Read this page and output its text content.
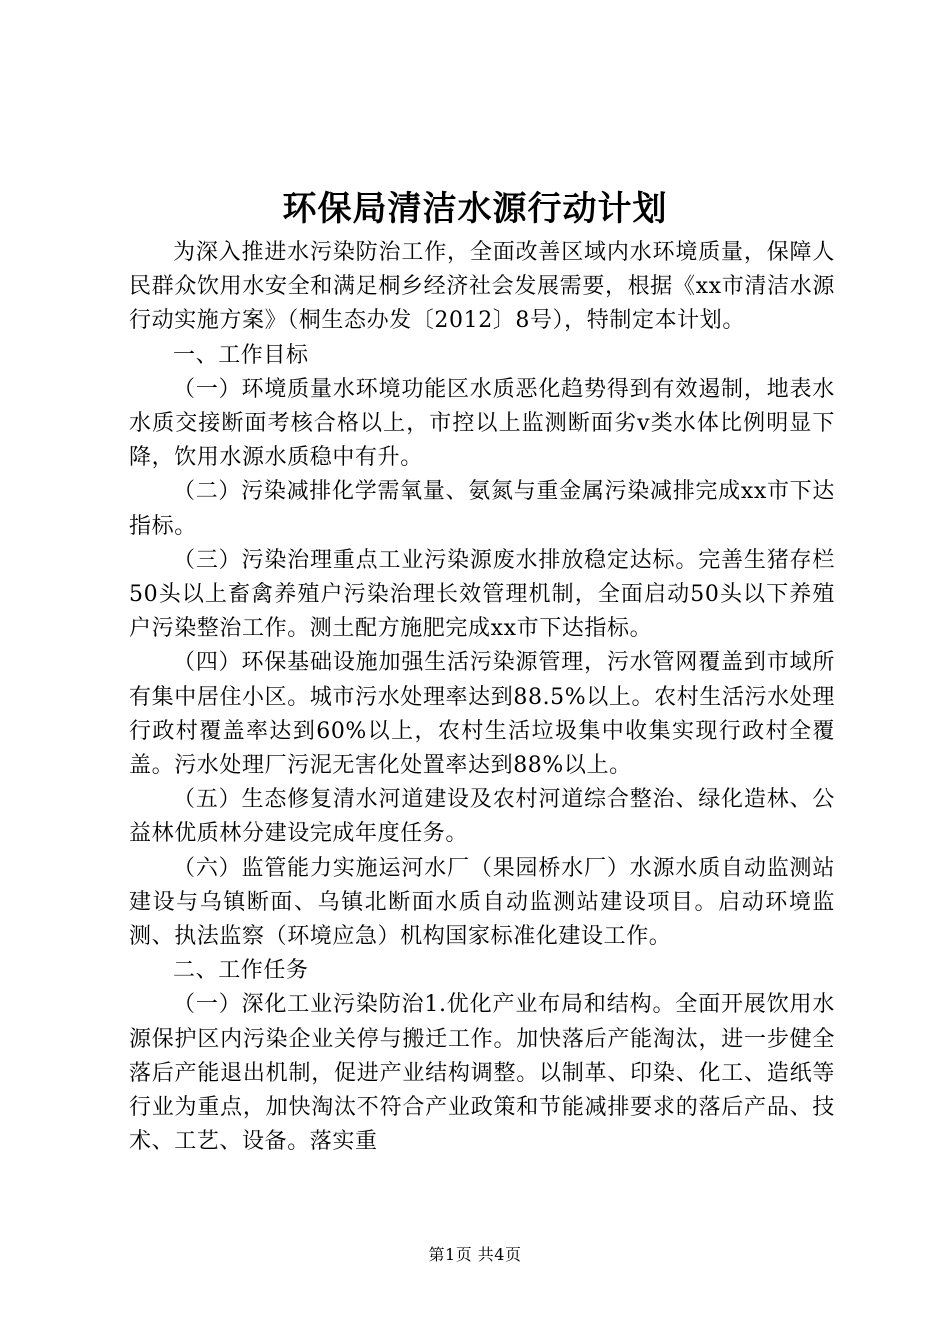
环保局清洁水源行动计划

为深入推进水污染防治工作，全面改善区域内水环境质量，保障人民群众饮用水安全和满足桐乡经济社会发展需要，根据《xx市清洁水源行动实施方案》（桐生态办发〔2012〕8号），特制定本计划。

一、工作目标

（一）环境质量水环境功能区水质恶化趋势得到有效遏制，地表水水质交接断面考核合格以上，市控以上监测断面劣v类水体比例明显下降，饮用水源水质稳中有升。

（二）污染减排化学需氧量、氨氮与重金属污染减排完成xx市下达指标。

（三）污染治理重点工业污染源废水排放稳定达标。完善生猪存栏50头以上畜禽养殖户污染治理长效管理机制，全面启动50头以下养殖户污染整治工作。测土配方施肥完成xx市下达指标。

（四）环保基础设施加强生活污染源管理，污水管网覆盖到市域所有集中居住小区。城市污水处理率达到88.5%以上。农村生活污水处理行政村覆盖率达到60%以上，农村生活垃圾集中收集实现行政村全覆盖。污水处理厂污泥无害化处置率达到88%以上。

（五）生态修复清水河道建设及农村河道综合整治、绿化造林、公益林优质林分建设完成年度任务。

（六）监管能力实施运河水厂（果园桥水厂）水源水质自动监测站建设与乌镇断面、乌镇北断面水质自动监测站建设项目。启动环境监测、执法监察（环境应急）机构国家标准化建设工作。

二、工作任务

（一）深化工业污染防治1.优化产业布局和结构。全面开展饮用水源保护区内污染企业关停与搬迁工作。加快落后产能淘汰，进一步健全落后产能退出机制，促进产业结构调整。以制革、印染、化工、造纸等行业为重点，加快淘汰不符合产业政策和节能减排要求的落后产品、技术、工艺、设备。落实重

第1页 共4页
